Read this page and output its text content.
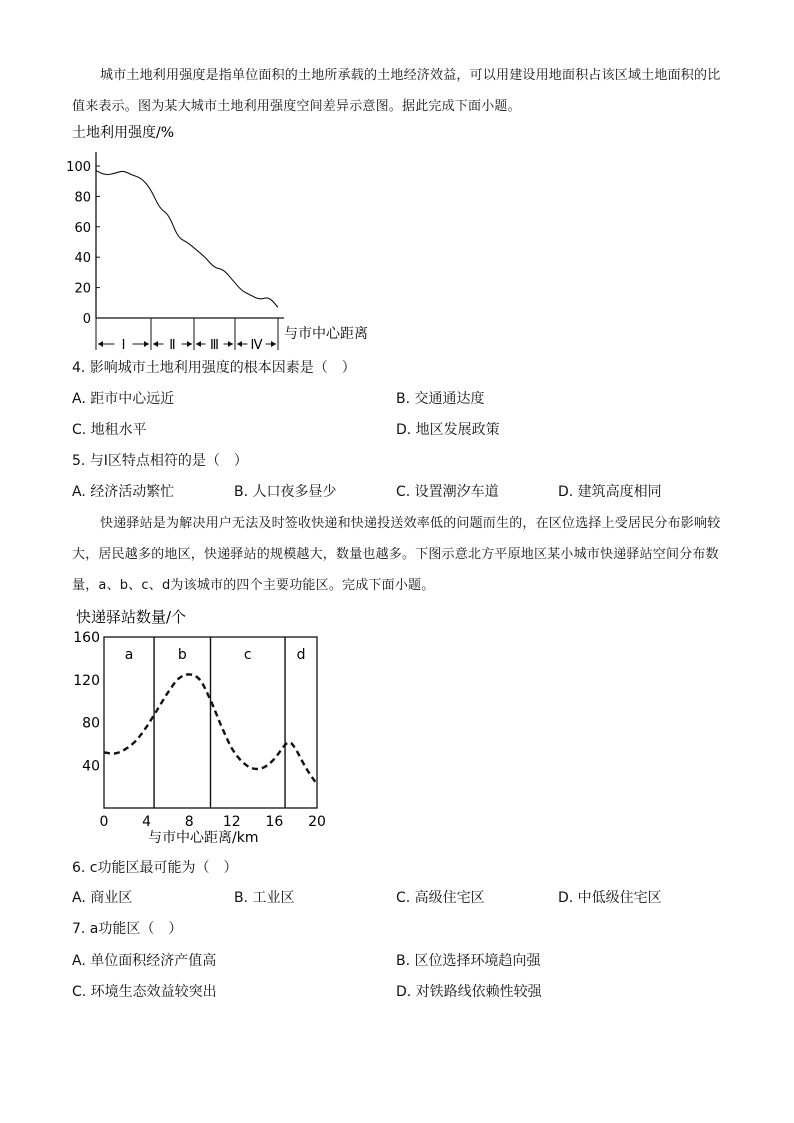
城市土地利用强度是指单位面积的土地所承载的土地经济效益，可以用建设用地面积占该区域土地面积的比值来表示。图为某大城市土地利用强度空间差异示意图。据此完成下面小题。
土地利用强度/%
100
80
60
40
20
0
Ⅰ	Ⅱ	Ⅲ Ⅳ
与市中心距离
4. 影响城市土地利用强度的根本因素是（　）
A. 距市中心远近	B. 交通通达度
C. 地租水平	D. 地区发展政策
5. 与Ⅰ区特点相符的是（　）
A. 经济活动繁忙	B. 人口夜多昼少	C. 设置潮汐车道	D. 建筑高度相同
快递驿站是为解决用户无法及时签收快递和快递投送效率低的问题而生的，在区位选择上受居民分布影响较大，居民越多的地区，快递驿站的规模越大，数量也越多。下图示意北方平原地区某小城市快递驿站空间分布数量，a、b、c、d为该城市的四个主要功能区。完成下面小题。
快递驿站数量/个
160
120
80
40
0 4 8 12 16 20
a	b	c	d
与市中心距离/km
6. c功能区最可能为（　）
A. 商业区	B. 工业区	C. 高级住宅区	D. 中低级住宅区
7. a功能区（　）
A. 单位面积经济产值高	B. 区位选择环境趋向强
C. 环境生态效益较突出	D. 对铁路线依赖性较强
